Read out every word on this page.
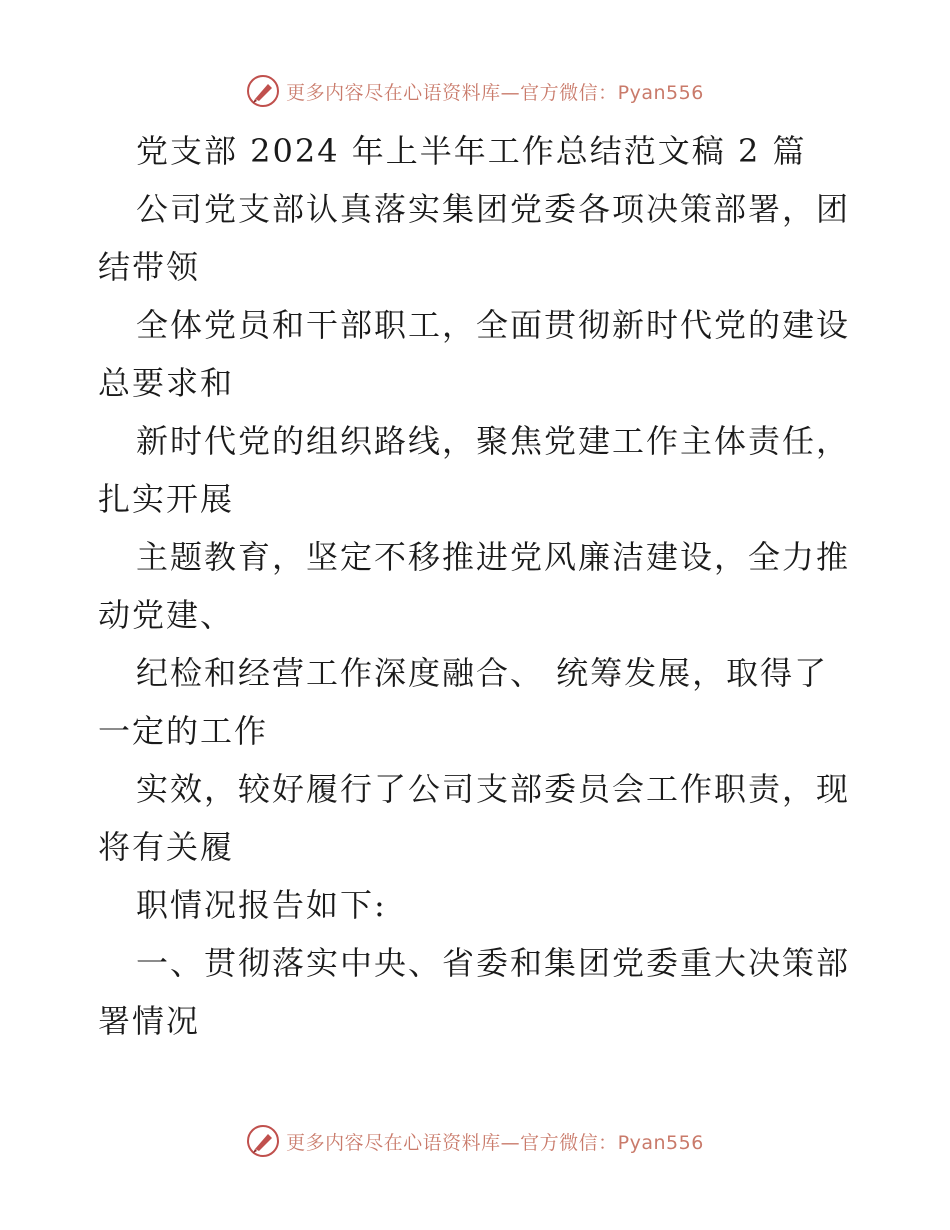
更多内容尽在心语资料库—官方微信：Pyan556
党支部 2024 年上半年工作总结范文稿 2 篇
公司党支部认真落实集团党委各项决策部署，团
结带领
全体党员和干部职工，全面贯彻新时代党的建设
总要求和
新时代党的组织路线，聚焦党建工作主体责任，
扎实开展
主题教育，坚定不移推进党风廉洁建设，全力推
动党建、
纪检和经营工作深度融合、 统筹发展，取得了
一定的工作
实效，较好履行了公司支部委员会工作职责，现
将有关履
职情况报告如下:
一、贯彻落实中央、省委和集团党委重大决策部
署情况
更多内容尽在心语资料库—官方微信：Pyan556
